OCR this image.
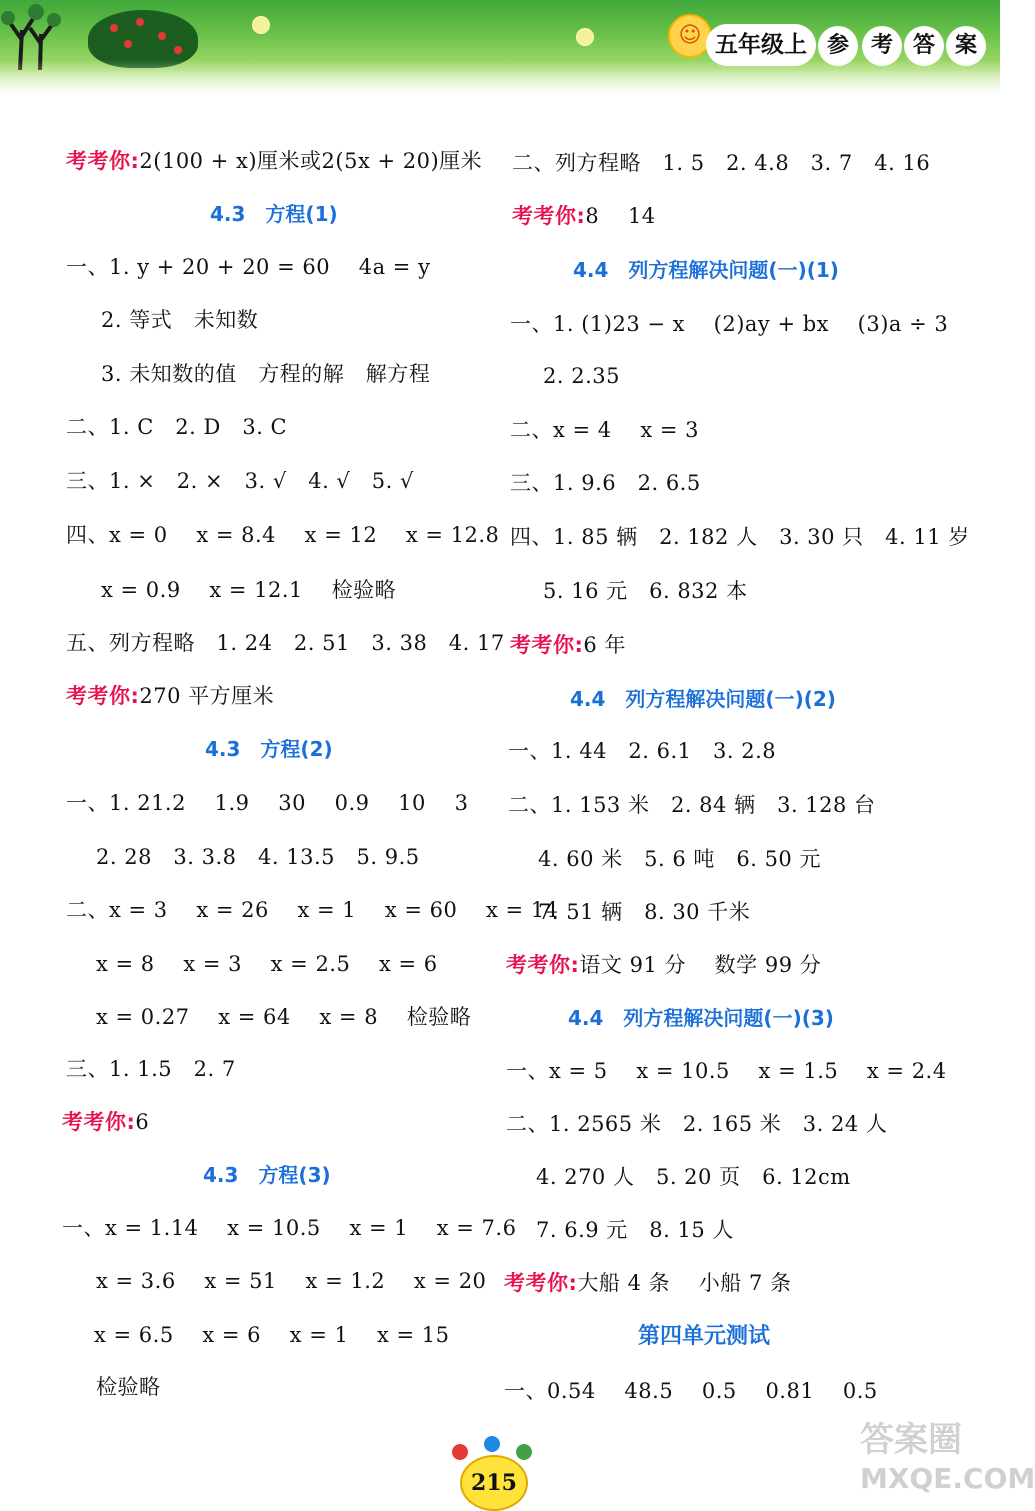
☺ 五年级上 参 考 答 案
考考你:2(100 + x)厘米或2(5x + 20)厘米
4.3　方程(1)
一、1. y + 20 + 20 = 60　 4a = y
2. 等式　未知数
3. 未知数的值　方程的解　解方程
二、1. C　2. D　3. C
三、1. ×　2. ×　3. √　4. √　5. √
四、x = 0　 x = 8.4　 x = 12　 x = 12.8
x = 0.9　 x = 12.1　 检验略
五、列方程略　1. 24　2. 51　3. 38　4. 17
考考你:270 平方厘米
4.3　方程(2)
一、1. 21.2　 1.9　 30　 0.9　 10　 3
2. 28　3. 3.8　4. 13.5　5. 9.5
二、x = 3　 x = 26　 x = 1　 x = 60　 x = 14
x = 8　 x = 3　 x = 2.5　 x = 6
x = 0.27　 x = 64　 x = 8　 检验略
三、1. 1.5　2. 7
考考你:6
4.3　方程(3)
一、x = 1.14　 x = 10.5　 x = 1　 x = 7.6
x = 3.6　 x = 51　 x = 1.2　 x = 20
x = 6.5　 x = 6　 x = 1　 x = 15
检验略
二、列方程略　1. 5　2. 4.8　3. 7　4. 16
考考你:8　 14
4.4　列方程解决问题(一)(1)
一、1. (1)23 − x　 (2)ay + bx　 (3)a ÷ 3
2. 2.35
二、x = 4　 x = 3
三、1. 9.6　2. 6.5
四、1. 85 辆　2. 182 人　3. 30 只　4. 11 岁
5. 16 元　6. 832 本
考考你:6 年
4.4　列方程解决问题(一)(2)
一、1. 44　2. 6.1　3. 2.8
二、1. 153 米　2. 84 辆　3. 128 台
4. 60 米　5. 6 吨　6. 50 元
7. 51 辆　8. 30 千米
考考你:语文 91 分　 数学 99 分
4.4　列方程解决问题(一)(3)
一、x = 5　 x = 10.5　 x = 1.5　 x = 2.4
二、1. 2565 米　2. 165 米　3. 24 人
4. 270 人　5. 20 页　6. 12cm
7. 6.9 元　8. 15 人
考考你:大船 4 条　 小船 7 条
第四单元测试
一、0.54　 48.5　 0.5　 0.81　 0.5
215
答案圈
MXQE.COM
